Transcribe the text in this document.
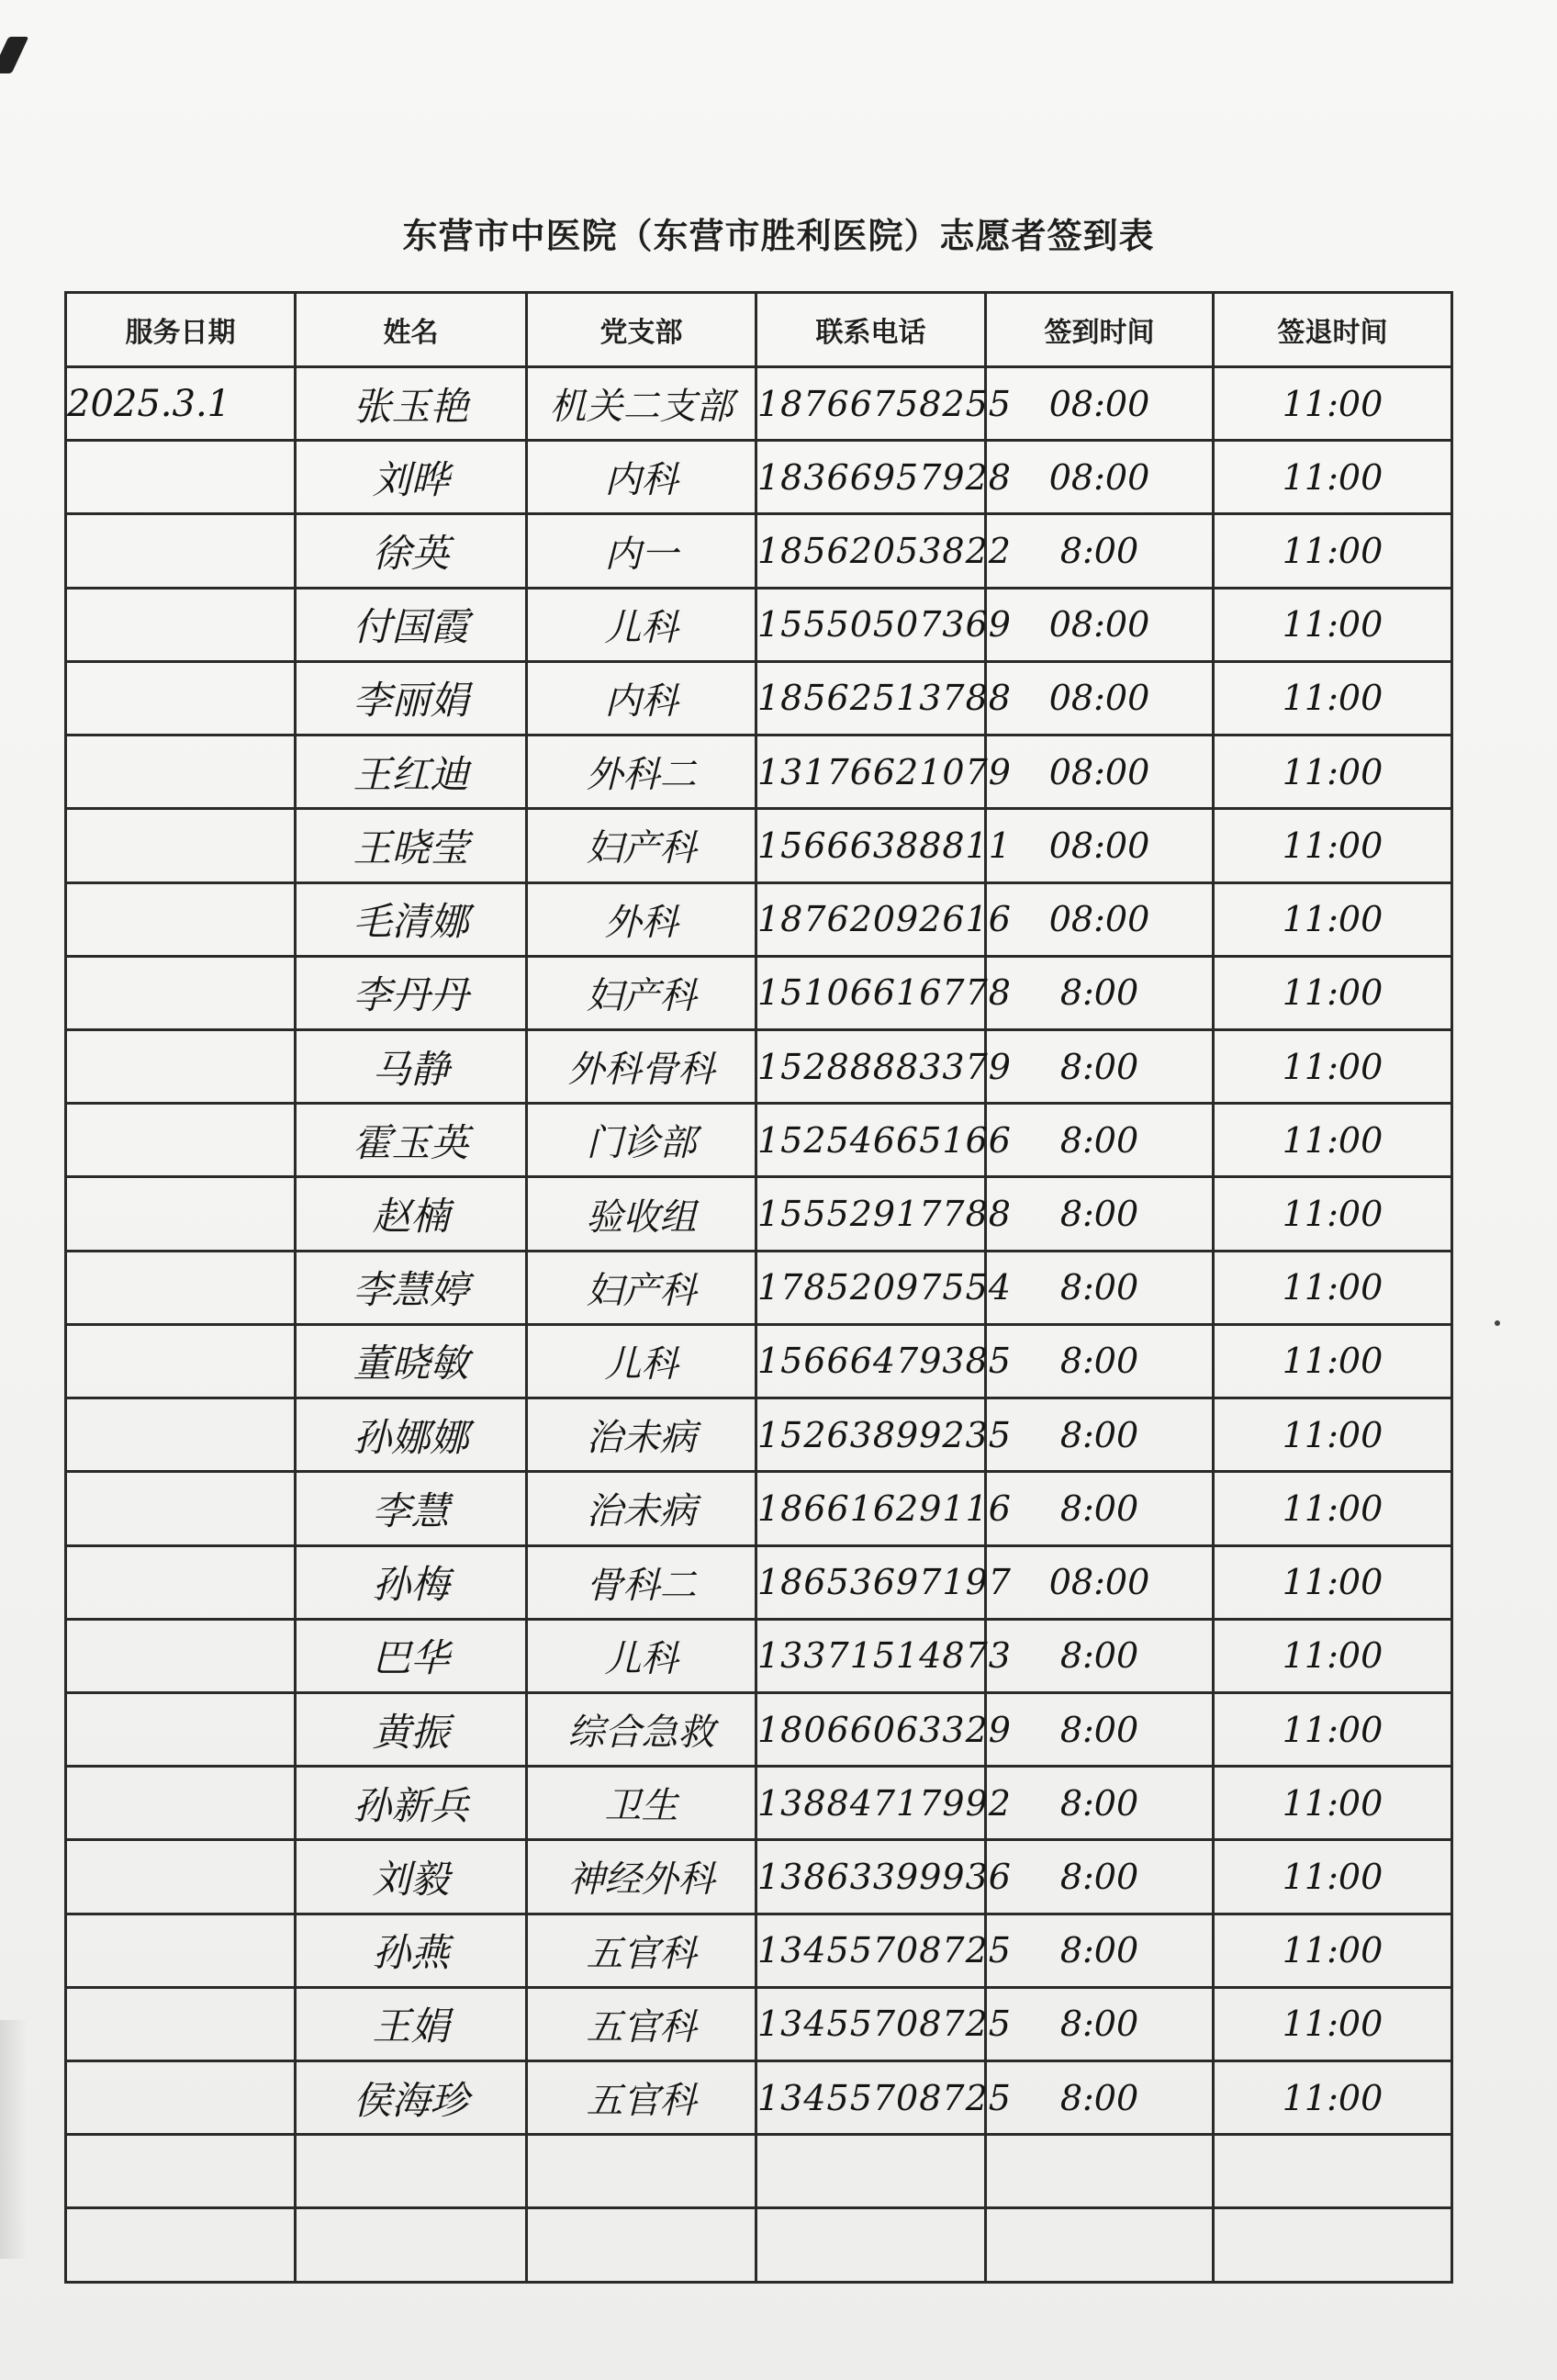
东营市中医院（东营市胜利医院）志愿者签到表
服务日期	姓名	党支部	联系电话	签到时间	签退时间
2025.3.1	张玉艳	机关二支部	18766758255	08:00	11:00
	刘晔	内科	18366957928	08:00	11:00
	徐英	内一	18562053822	8:00	11:00
	付国霞	儿科	15550507369	08:00	11:00
	李丽娟	内科	18562513788	08:00	11:00
	王红迪	外科二	13176621079	08:00	11:00
	王晓莹	妇产科	15666388811	08:00	11:00
	毛清娜	外科	18762092616	08:00	11:00
	李丹丹	妇产科	15106616778	8:00	11:00
	马静	外科骨科	15288883379	8:00	11:00
	霍玉英	门诊部	15254665166	8:00	11:00
	赵楠	验收组	15552917788	8:00	11:00
	李慧婷	妇产科	17852097554	8:00	11:00
	董晓敏	儿科	15666479385	8:00	11:00
	孙娜娜	治未病	15263899235	8:00	11:00
	李慧	治未病	18661629116	8:00	11:00
	孙梅	骨科二	18653697197	08:00	11:00
	巴华	儿科	13371514873	8:00	11:00
	黄振	综合急救	18066063329	8:00	11:00
	孙新兵	卫生	13884717992	8:00	11:00
	刘毅	神经外科	13863399936	8:00	11:00
	孙燕	五官科	13455708725	8:00	11:00
	王娟	五官科	13455708725	8:00	11:00
	侯海珍	五官科	13455708725	8:00	11:00
